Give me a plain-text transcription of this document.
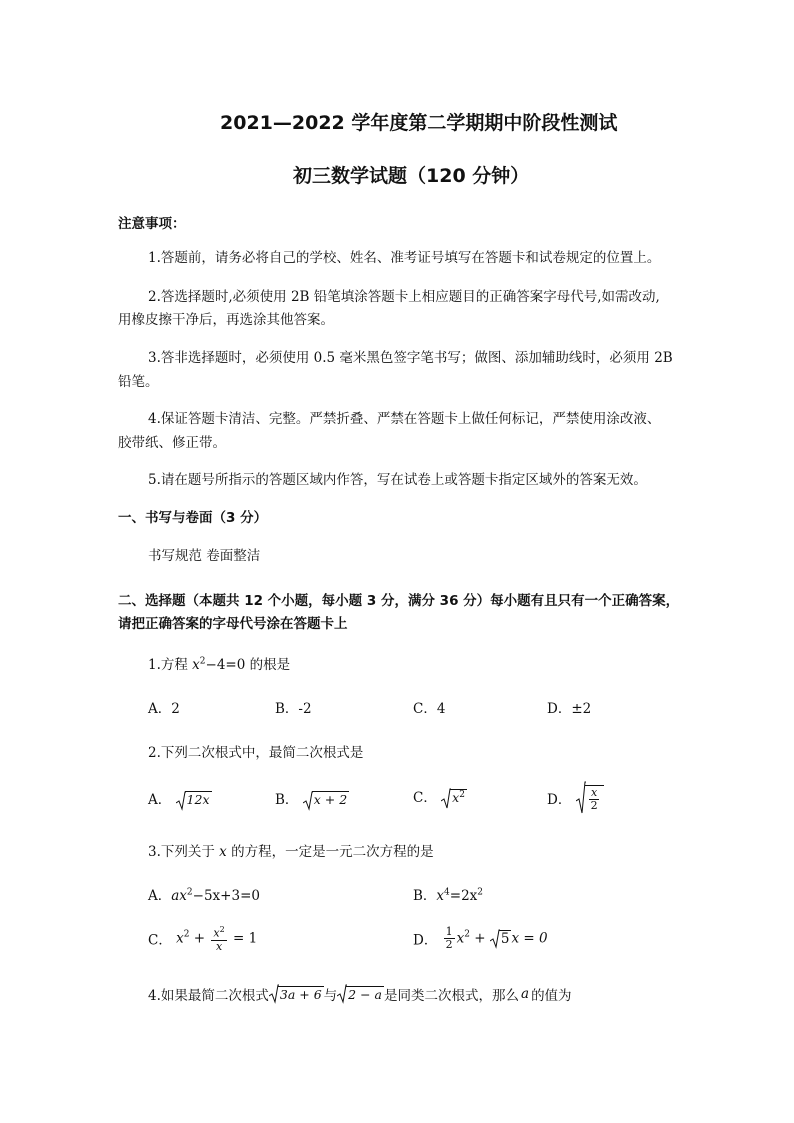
2021—2022 学年度第二学期期中阶段性测试
初三数学试题（120 分钟）
注意事项：
1.答题前，请务必将自己的学校、姓名、准考证号填写在答题卡和试卷规定的位置上。
2.答选择题时,必须使用 2B 铅笔填涂答题卡上相应题目的正确答案字母代号,如需改动,
用橡皮擦干净后，再选涂其他答案。
3.答非选择题时，必须使用 0.5 毫米黑色签字笔书写；做图、添加辅助线时，必须用 2B
铅笔。
4.保证答题卡清洁、完整。严禁折叠、严禁在答题卡上做任何标记，严禁使用涂改液、
胶带纸、修正带。
5.请在题号所指示的答题区域内作答，写在试卷上或答题卡指定区域外的答案无效。
一、书写与卷面（3 分）
书写规范 卷面整洁
二、选择题（本题共 12 个小题，每小题 3 分，满分 36 分）每小题有且只有一个正确答案，
请把正确答案的字母代号涂在答题卡上
1.方程 $x^2-4=0$ 的根是
A．2	B．-2	C．4	D．±2
2.下列二次根式中，最简二次根式是
A． 12x	B． x + 2	C． $x^2$	D． $\frac{x}{2}$
3.下列关于 x 的方程，一定是一元二次方程的是
A．$ax^2-5x+3=0$	B．$x^4=2x^2$
C． $x^2 + \frac{x^2}{x} = 1$	D． $\frac{1}{2} x^2 + 5$ x = 0
4.如果最简二次根式 3a + 6 与 2 − a 是同类二次根式，那么 a 的值为
